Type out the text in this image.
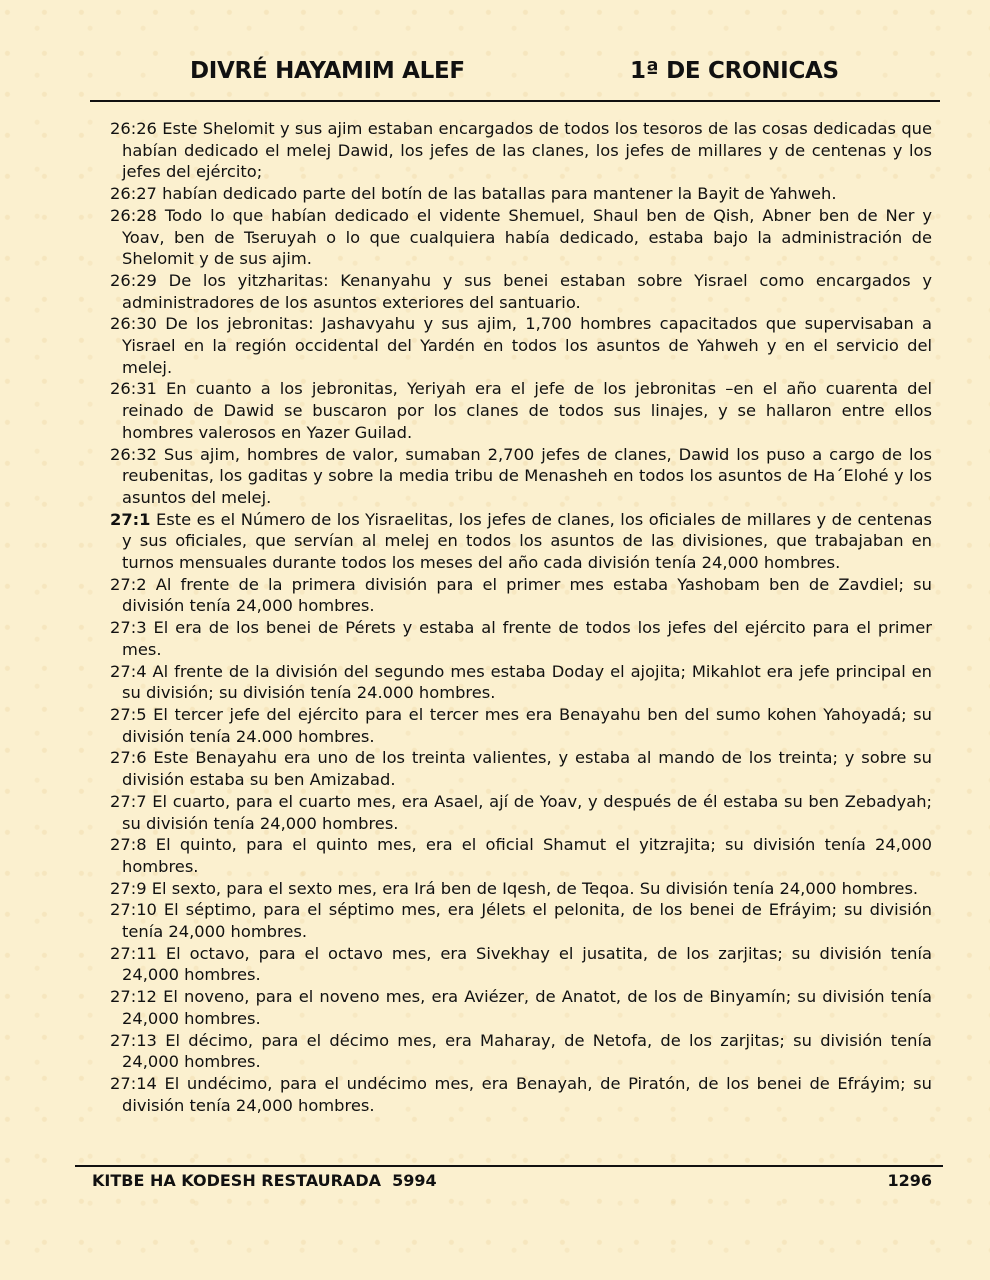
DIVRÉ HAYAMIM ALEF	1ª DE CRONICAS

26:26 Este Shelomit y sus ajim estaban encargados de todos los tesoros de las cosas dedicadas que habían dedicado el melej Dawid, los jefes de las clanes, los jefes de millares y de centenas y los jefes del ejército;

26:27 habían dedicado parte del botín de las batallas para mantener la Bayit de Yahweh.

26:28 Todo lo que habían dedicado el vidente Shemuel, Shaul ben de Qish, Abner ben de Ner y Yoav, ben de Tseruyah o lo que cualquiera había dedicado, estaba bajo la administración de Shelomit y de sus ajim.

26:29 De los yitzharitas: Kenanyahu y sus benei estaban sobre Yisrael como encargados y administradores de los asuntos exteriores del santuario.

26:30 De los jebronitas: Jashavyahu y sus ajim, 1,700 hombres capacitados que supervisaban a Yisrael en la región occidental del Yardén en todos los asuntos de Yahweh y en el servicio del melej.

26:31 En cuanto a los jebronitas, Yeriyah era el jefe de los jebronitas –en el año cuarenta del reinado de Dawid se buscaron por los clanes de todos sus linajes, y se hallaron entre ellos hombres valerosos en Yazer Guilad.

26:32 Sus ajim, hombres de valor, sumaban 2,700 jefes de clanes, Dawid los puso a cargo de los reubenitas, los gaditas y sobre la media tribu de Menasheh en todos los asuntos de Ha´Elohé y los asuntos del melej.

27:1 Este es el Número de los Yisraelitas, los jefes de clanes, los oficiales de millares y de centenas y sus oficiales, que servían al melej en todos los asuntos de las divisiones, que trabajaban en turnos mensuales durante todos los meses del año cada división tenía 24,000 hombres.

27:2 Al frente de la primera división para el primer mes estaba Yashobam ben de Zavdiel; su división tenía 24,000 hombres.

27:3 El era de los benei de Pérets y estaba al frente de todos los jefes del ejército para el primer mes.

27:4 Al frente de la división del segundo mes estaba Doday el ajojita; Mikahlot era jefe principal en su división; su división tenía 24.000 hombres.

27:5 El tercer jefe del ejército para el tercer mes era Benayahu ben del sumo kohen Yahoyadá; su división tenía 24.000 hombres.

27:6 Este Benayahu era uno de los treinta valientes, y estaba al mando de los treinta; y sobre su división estaba su ben Amizabad.

27:7 El cuarto, para el cuarto mes, era Asael, ají de Yoav, y después de él estaba su ben Zebadyah; su división tenía 24,000 hombres.

27:8 El quinto, para el quinto mes, era el oficial Shamut el yitzrajita; su división tenía 24,000 hombres.

27:9 El sexto, para el sexto mes, era Irá ben de Iqesh, de Teqoa. Su división tenía 24,000 hombres.

27:10 El séptimo, para el séptimo mes, era Jélets el pelonita, de los benei de Efráyim; su división tenía 24,000 hombres.

27:11 El octavo, para el octavo mes, era Sivekhay el jusatita, de los zarjitas; su división tenía 24,000 hombres.

27:12 El noveno, para el noveno mes, era Aviézer, de Anatot, de los de Binyamín; su división tenía 24,000 hombres.

27:13 El décimo, para el décimo mes, era Maharay, de Netofa, de los zarjitas; su división tenía 24,000 hombres.

27:14 El undécimo, para el undécimo mes, era Benayah, de Piratón, de los benei de Efráyim; su división tenía 24,000 hombres.

KITBE HA KODESH RESTAURADA  5994	1296
